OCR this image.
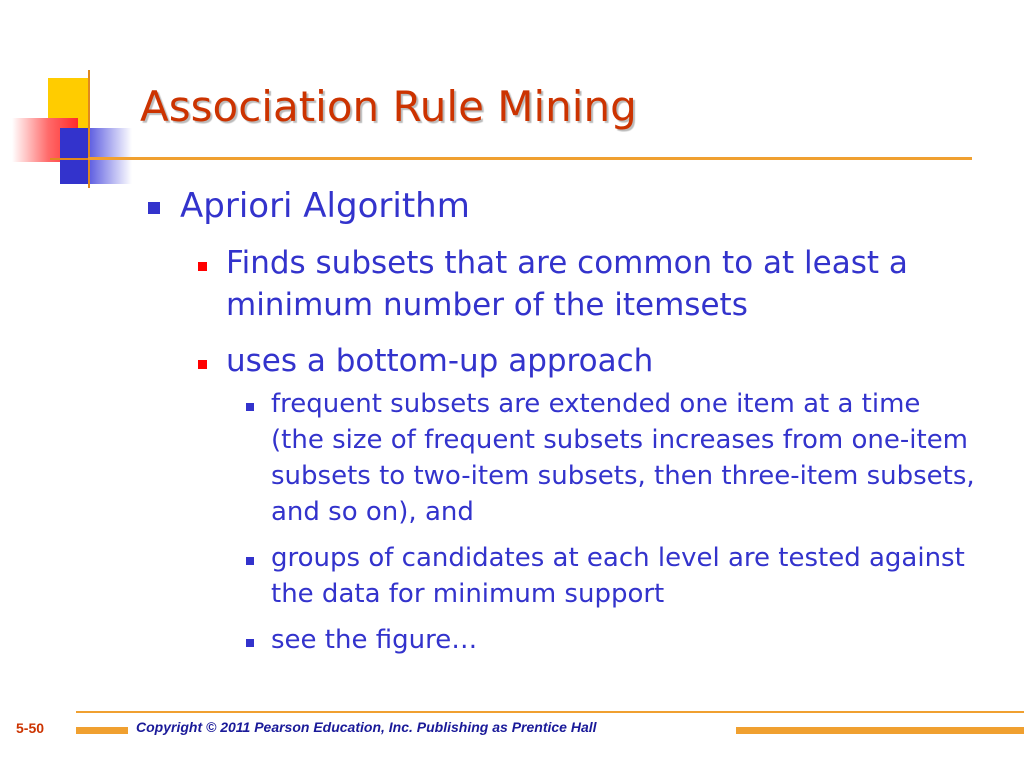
Association Rule Mining
Apriori Algorithm
Finds subsets that are common to at least a minimum number of the itemsets
uses a bottom-up approach
frequent subsets are extended one item at a time (the size of frequent subsets increases from one-item subsets to two-item subsets, then three-item subsets, and so on), and
groups of candidates at each level are tested against the data for minimum support
see the figure…
5-50	Copyright © 2011 Pearson Education, Inc. Publishing as Prentice Hall
